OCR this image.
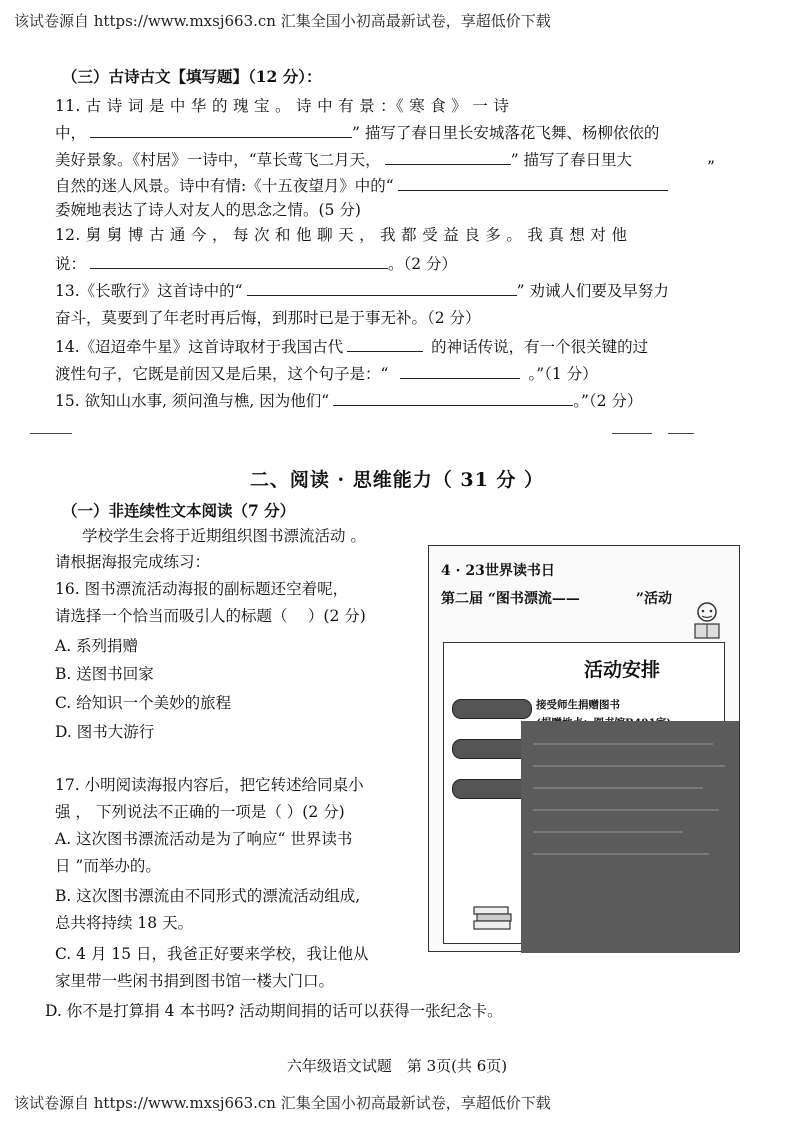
该试卷源自 https://www.mxsj663.cn 汇集全国小初高最新试卷，享超低价下载
（三）古诗古文【填写题】（12 分）：
11. 古 诗 词 是 中 华 的 瑰 宝 。 诗 中 有 景 ：《 寒 食 》 一 诗
中，	” 描写了春日里长安城落花飞舞、杨柳依依的
美好景象。《村居》一诗中，“草长莺飞二月天，	” 描写了春日里大	”
自然的迷人风景。诗中有情:《十五夜望月》中的“
委婉地表达了诗人对友人的思念之情。(5 分)
12. 舅 舅 博 古 通 今 ， 每 次 和 他 聊 天 ， 我 都 受 益 良 多 。 我 真 想 对 他
说：	。（2 分）
13.《长歌行》这首诗中的“	” 劝诫人们要及早努力
奋斗，莫要到了年老时再后悔，到那时已是于事无补。（2 分）
14.《迢迢牵牛星》这首诗取材于我国古代	的神话传说，有一个很关键的过
渡性句子，它既是前因又是后果，这个句子是：“	。”（1 分）
15. 欲知山水事, 须问渔与樵, 因为他们“	。”（2 分）
二、阅读 · 思维能力（ 31 分 ）
（一）非连续性文本阅读（7 分）
学校学生会将于近期组织图书漂流活动 。
请根据海报完成练习：
16. 图书漂流活动海报的副标题还空着呢，
请选择一个恰当而吸引人的标题（　 ）(2 分)
A. 系列捐赠
B. 送图书回家
C. 给知识一个美妙的旅程
D. 图书大游行
17. 小明阅读海报内容后，把它转述给同桌小
强 ， 下列说法不正确的一项是（ ）(2 分)
A. 这次图书漂流活动是为了响应“ 世界读书
日 ”而举办的。
B. 这次图书漂流由不同形式的漂流活动组成,
总共将持续 18 天。
C. 4 月 15 日，我爸正好要来学校，我让他从
家里带一些闲书捐到图书馆一楼大门口。
D. 你不是打算捐 4 本书吗? 活动期间捐的话可以获得一张纪念卡。
4 · 23世界读书日
第二届 “图书漂流——　　　　”活动
活动安排
接受师生捐赠图书
六年级语文试题　第 3页(共 6页)
该试卷源自 https://www.mxsj663.cn 汇集全国小初高最新试卷，享超低价下载
